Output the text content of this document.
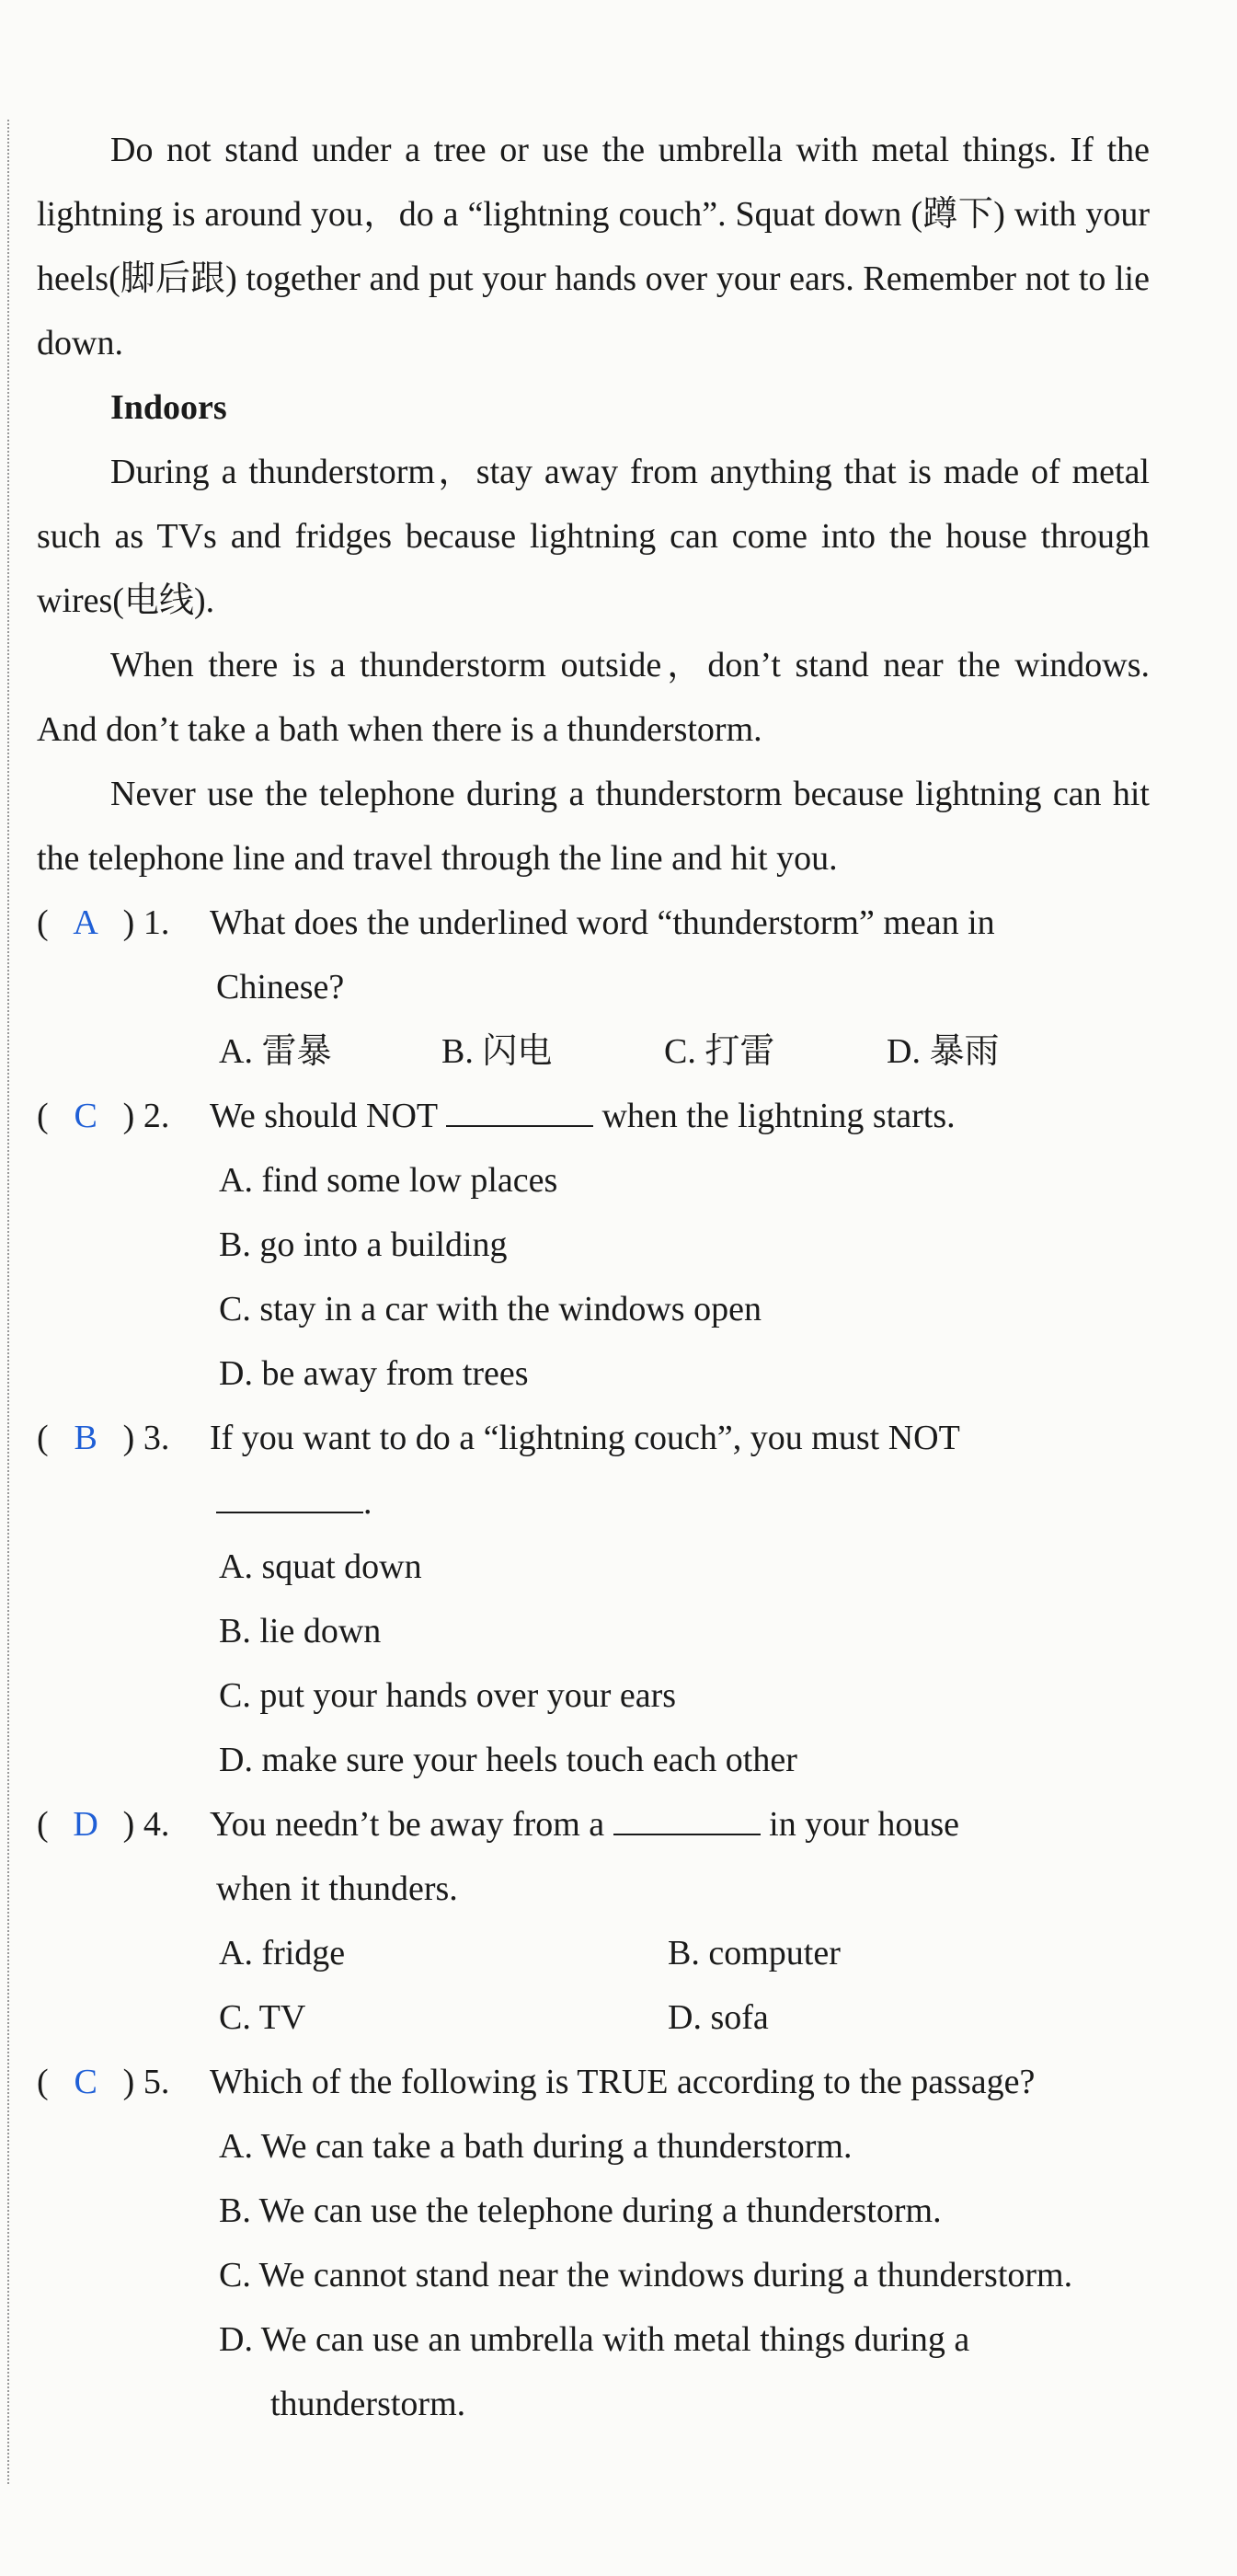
Do not stand under a tree or use the umbrella with metal things. If the lightning is around you，do a “lightning couch”. Squat down (蹲下) with your heels(脚后跟) together and put your hands over your ears. Remember not to lie down.

Indoors

During a thunderstorm，stay away from anything that is made of metal such as TVs and fridges because lightning can come into the house through wires(电线).

When there is a thunderstorm outside，don’t stand near the windows. And don’t take a bath when there is a thunderstorm.

Never use the telephone during a thunderstorm because lightning can hit the telephone line and travel through the line and hit you.

( A ) 1. What does the underlined word “thunderstorm” mean in
Chinese?
A. 雷暴	B. 闪电	C. 打雷	D. 暴雨
( C ) 2. We should NOT	when the lightning starts.
A. find some low places
B. go into a building
C. stay in a car with the windows open
D. be away from trees
( B ) 3. If you want to do a “lightning couch”, you must NOT
.
A. squat down
B. lie down
C. put your hands over your ears
D. make sure your heels touch each other
( D ) 4. You needn’t be away from a	in your house
when it thunders.
A. fridge	B. computer
C. TV	D. sofa
( C ) 5. Which of the following is TRUE according to the passage?
A. We can take a bath during a thunderstorm.
B. We can use the telephone during a thunderstorm.
C. We cannot stand near the windows during a thunderstorm.
D. We can use an umbrella with metal things during a
thunderstorm.
